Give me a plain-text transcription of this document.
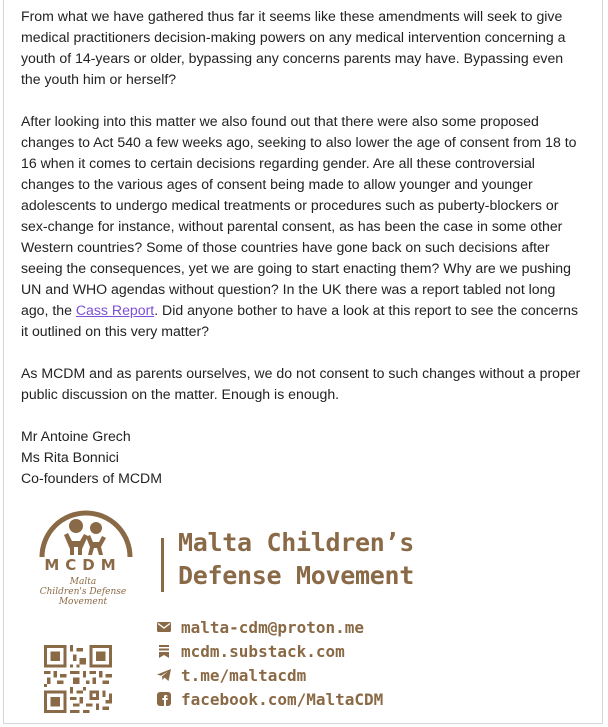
From what we have gathered thus far it seems like these amendments will seek to give medical practitioners decision-making powers on any medical intervention concerning a youth of 14-years or older, bypassing any concerns parents may have. Bypassing even the youth him or herself?

After looking into this matter we also found out that there were also some proposed changes to Act 540 a few weeks ago, seeking to also lower the age of consent from 18 to 16 when it comes to certain decisions regarding gender. Are all these controversial changes to the various ages of consent being made to allow younger and younger adolescents to undergo medical treatments or procedures such as puberty-blockers or sex-change for instance, without parental consent, as has been the case in some other Western countries? Some of those countries have gone back on such decisions after seeing the consequences, yet we are going to start enacting them? Why are we pushing UN and WHO agendas without question? In the UK there was a report tabled not long ago, the Cass Report. Did anyone bother to have a look at this report to see the concerns it outlined on this very matter?

As MCDM and as parents ourselves, we do not consent to such changes without a proper public discussion on the matter. Enough is enough.

Mr Antoine Grech

Ms Rita Bonnici

Co-founders of MCDM

MCDM
Malta
Children's Defense
Movement
Malta Children’s
Defense Movement
malta-cdm@proton.me
mcdm.substack.com
t.me/maltacdm
facebook.com/MaltaCDM
